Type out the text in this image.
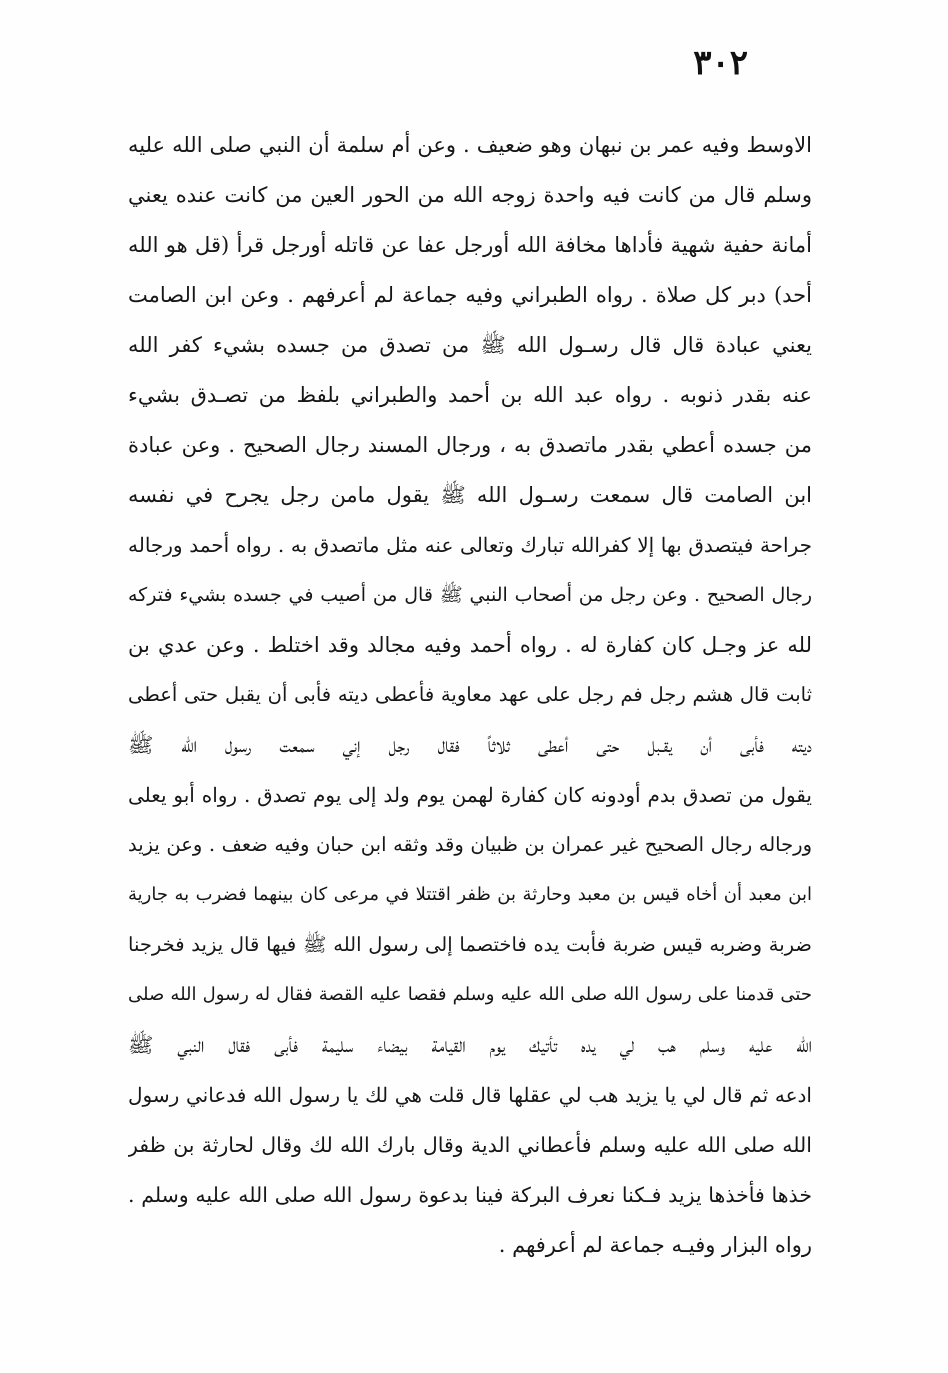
٣٠٢
الاوسط وفيه عمر بن نبهان وهو ضعيف . وعن أم سلمة أن النبي صلى الله عليه
وسلم قال من كانت فيه واحدة زوجه الله من الحور العين من كانت عنده يعني
أمانة حفية شهية فأداها مخافة الله أورجل عفا عن قاتله أورجل قرأ (قل هو الله
أحد) دبر كل صلاة . رواه الطبراني وفيه جماعة لم أعرفهم . وعن ابن الصامت
يعني عبادة قال قال رسـول الله ﷺ من تصدق من جسده بشيء كفر الله
عنه بقدر ذنوبه . رواه عبد الله بن أحمد والطبراني بلفظ من تصـدق بشيء
من جسده أعطي بقدر ماتصدق به ، ورجال المسند رجال الصحيح . وعن عبادة
ابن الصامت قال سمعت رسـول الله ﷺ يقول مامن رجل يجرح في نفسه
جراحة فيتصدق بها إلا كفرالله تبارك وتعالى عنه مثل ماتصدق به . رواه أحمد ورجاله
رجال الصحيح . وعن رجل من أصحاب النبي ﷺ قال من أصيب في جسده بشيء فتركه
لله عز وجـل كان كفارة له . رواه أحمد وفيه مجالد وقد اختلط . وعن عدي بن
ثابت قال هشم رجل فم رجل على عهد معاوية فأعطى ديته فأبى أن يقبل حتى أعطى
ديته فأبى أن يقـبل حتى أعطى ثلاثاً فقال رجل إني سمعت رسول الله ﷺ
يقول من تصدق بدم أودونه كان كفارة لهمن يوم ولد إلى يوم تصدق . رواه أبو يعلى
ورجاله رجال الصحيح غير عمران بن ظبيان وقد وثقه ابن حبان وفيه ضعف . وعن يزيد
ابن معبد أن أخاه قيس بن معبد وحارثة بن ظفر اقتتلا في مرعى كان بينهما فضرب به جارية
ضربة وضربه قيس ضربة فأبت يده فاختصما إلى رسول الله ﷺ فيها قال يزيد فخرجنا
حتى قدمنا على رسول الله صلى الله عليه وسلم فقصا عليه القصة فقال له رسول الله صلى
الله عليه وسلم هب لي يده تأتيك يوم القيامة بيضاء سليمة فأبى فقال النبي ﷺ
ادعه ثم قال لي يا يزيد هب لي عقلها قال قلت هي لك يا رسول الله فدعاني رسول
الله صلى الله عليه وسلم فأعطاني الدية وقال بارك الله لك وقال لحارثة بن ظفر
خذها فأخذها يزيد فـكنا نعرف البركة فينا بدعوة رسول الله صلى الله عليه وسلم .
رواه البزار وفيـه جماعة لم أعرفهم .
